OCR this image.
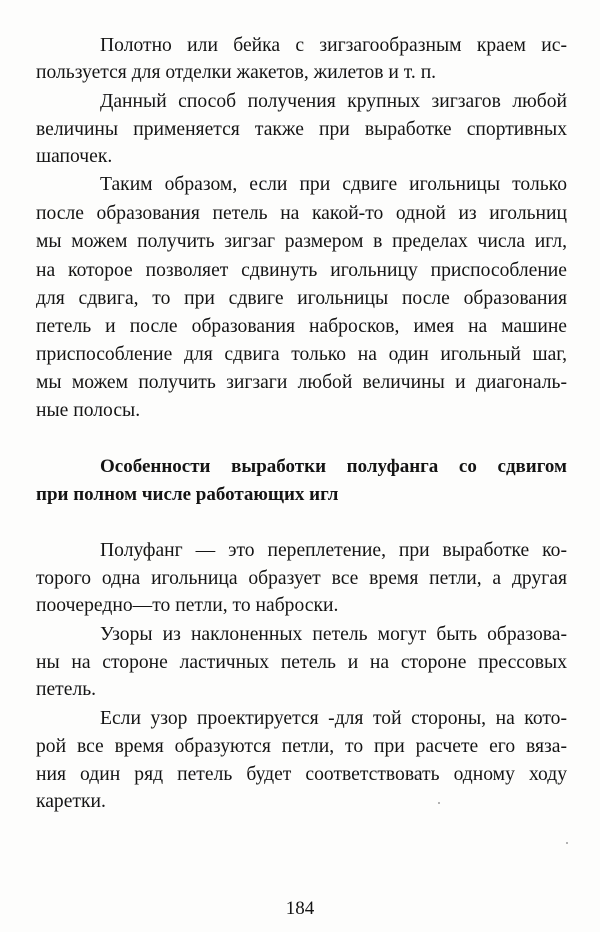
Полотно или бейка с зигзагообразным краем ис-
пользуется для отделки жакетов, жилетов и т. п.
Данный способ получения крупных зигзагов любой
величины применяется также при выработке спортивных
шапочек.
Таким образом, если при сдвиге игольницы только
после образования петель на какой-то одной из игольниц
мы можем получить зигзаг размером в пределах числа игл,
на которое позволяет сдвинуть игольницу приспособление
для сдвига, то при сдвиге игольницы после образования
петель и после образования набросков, имея на машине
приспособление для сдвига только на один игольный шаг,
мы можем получить зигзаги любой величины и диагональ-
ные полосы.
Особенности выработки полуфанга со сдвигом
при полном числе работающих игл
Полуфанг — это переплетение, при выработке ко-
торого одна игольница образует все время петли, а другая
поочередно—то петли, то наброски.
Узоры из наклоненных петель могут быть образова-
ны на стороне ластичных петель и на стороне прессовых
петель.
Если узор проектируется -для той стороны, на кото-
рой все время образуются петли, то при расчете его вяза-
ния один ряд петель будет соответствовать одному ходу
каретки.
184
